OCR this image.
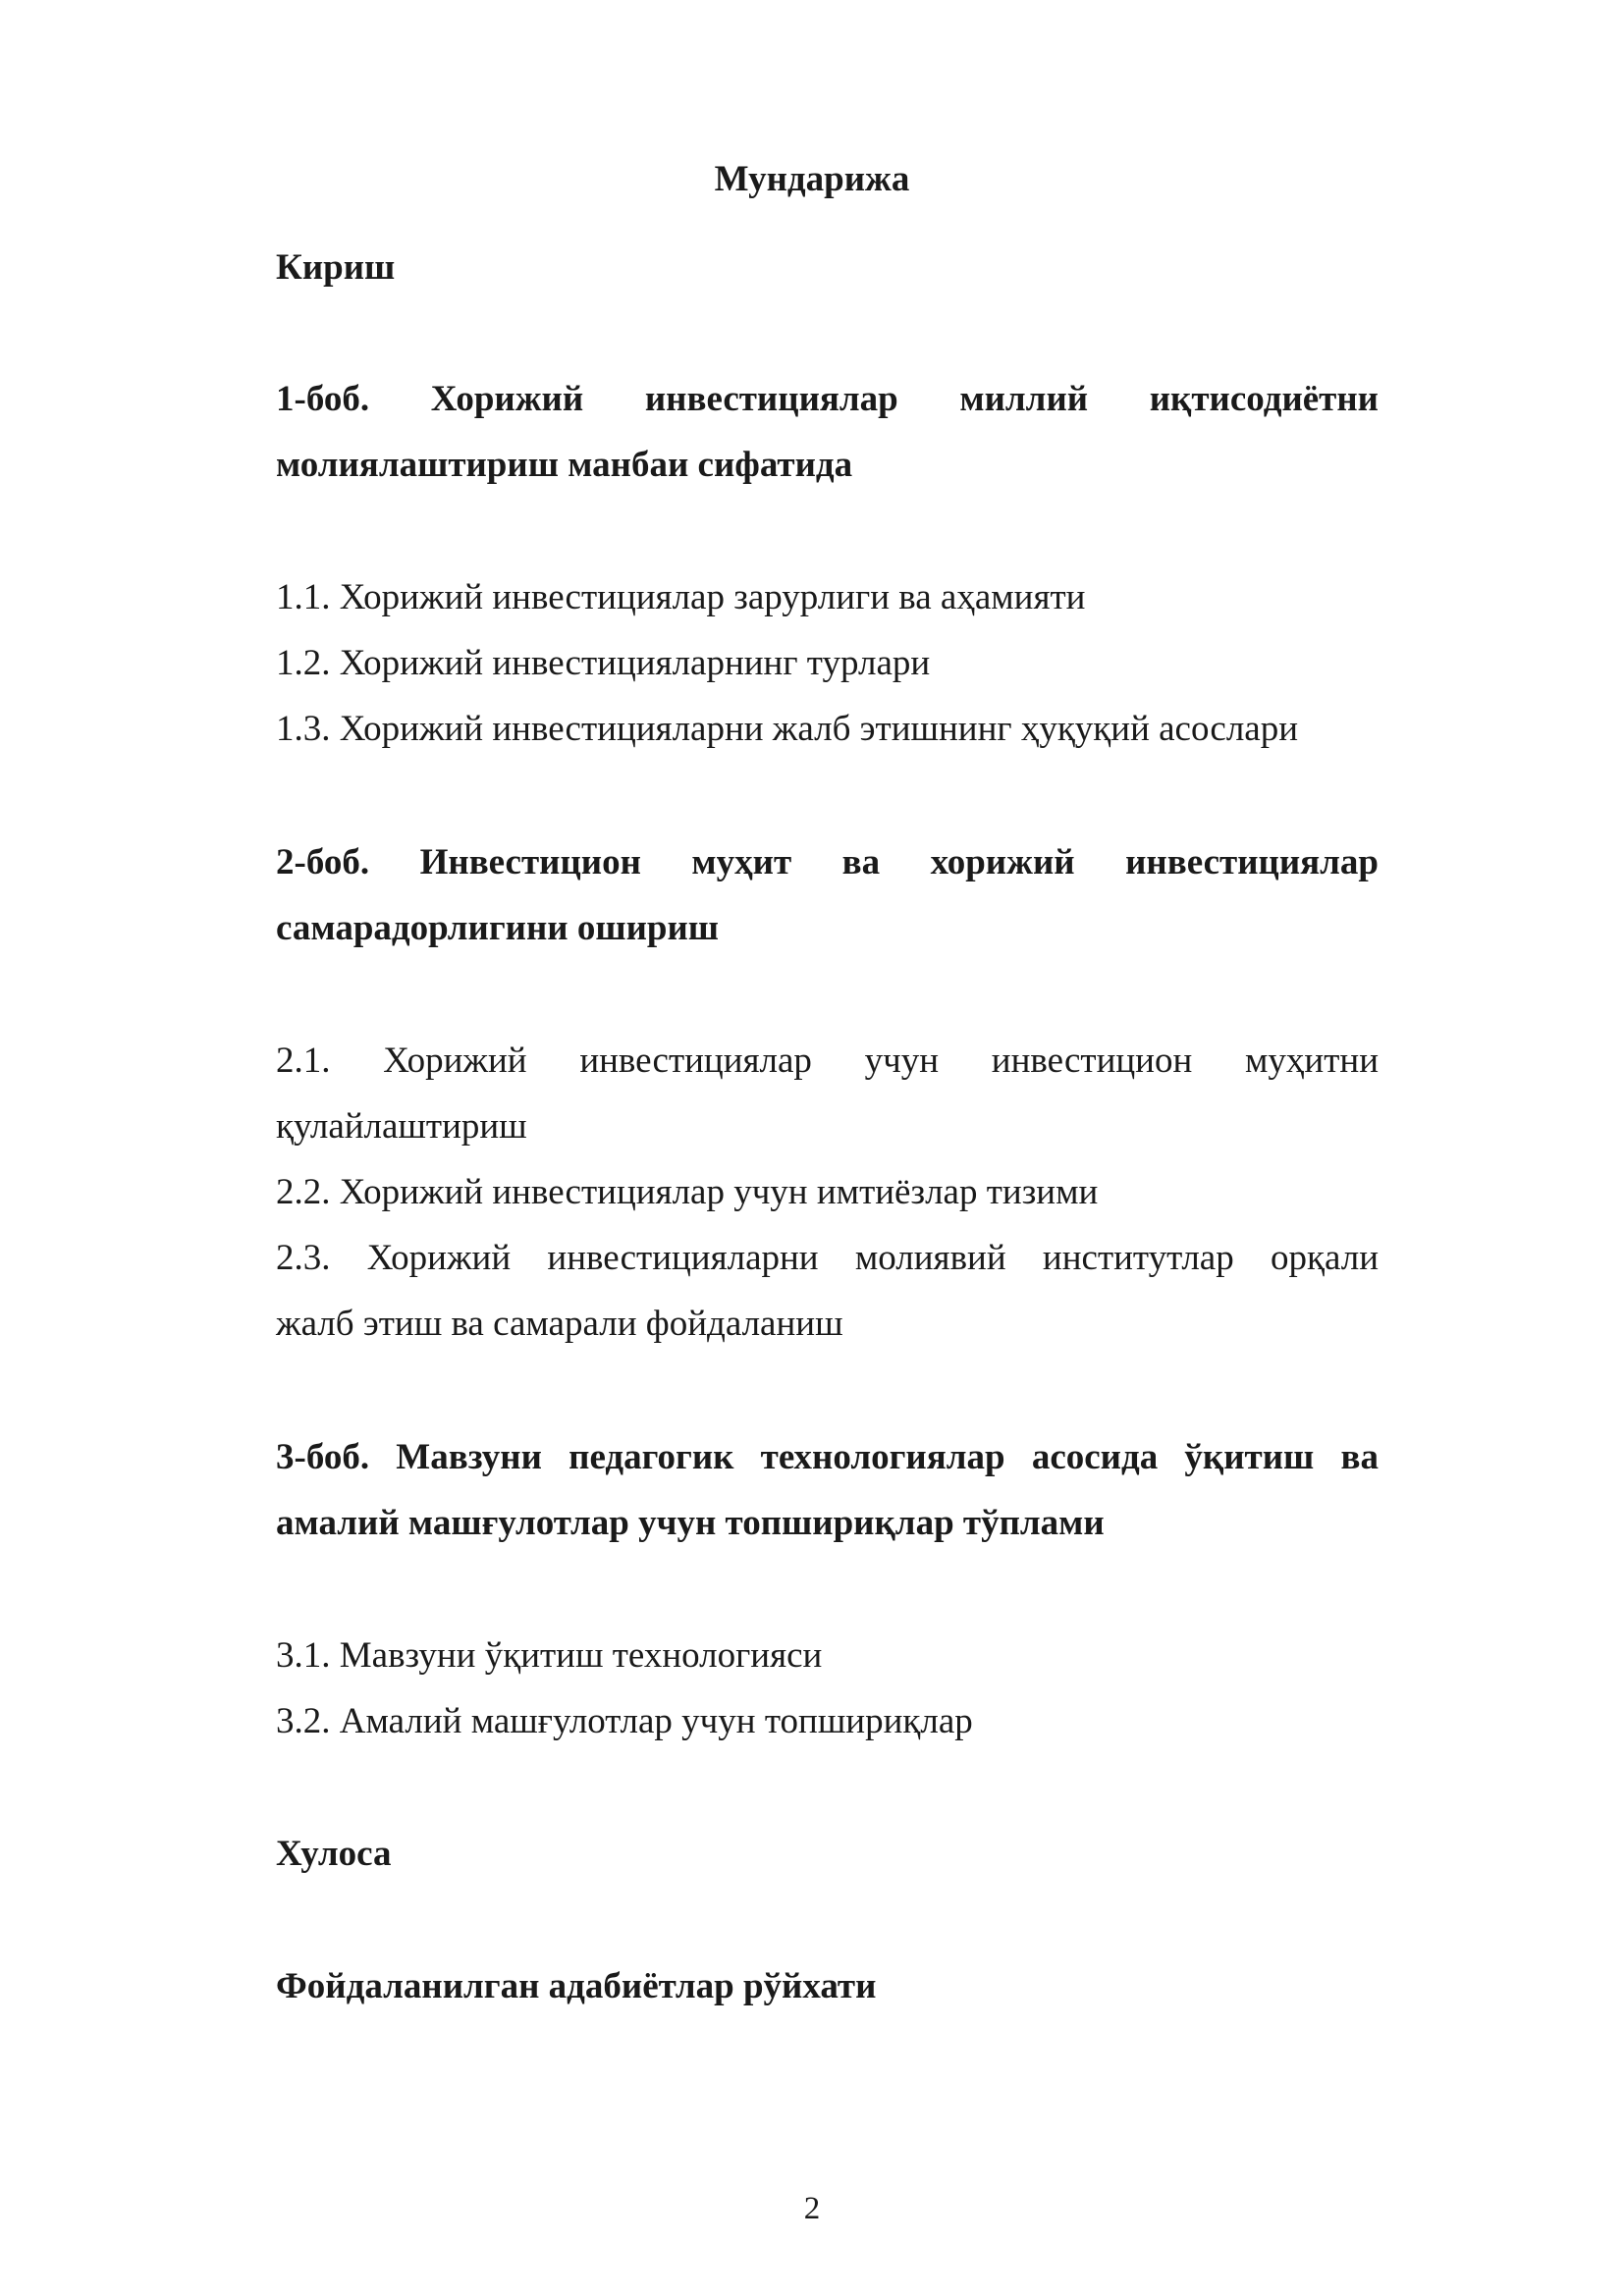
Мундарижа
Кириш
1-боб. Хорижий инвестициялар миллий иқтисодиётни
молиялаштириш манбаи сифатида
1.1. Хорижий инвестициялар зарурлиги ва аҳамияти
1.2. Хорижий инвестицияларнинг турлари
1.3. Хорижий инвестицияларни жалб этишнинг ҳуқуқий асослари
2-боб. Инвестицион муҳит ва хорижий инвестициялар
самарадорлигини ошириш
2.1. Хорижий инвестициялар учун инвестицион муҳитни
қулайлаштириш
2.2. Хорижий инвестициялар учун имтиёзлар тизими
2.3. Хорижий инвестицияларни молиявий институтлар орқали
жалб этиш ва самарали фойдаланиш
3-боб. Мавзуни педагогик технологиялар асосида ўқитиш ва
амалий машғулотлар учун топшириқлар тўплами
3.1. Мавзуни ўқитиш технологияси
3.2. Амалий машғулотлар учун топшириқлар
Хулоса
Фойдаланилган адабиётлар рўйхати
2
